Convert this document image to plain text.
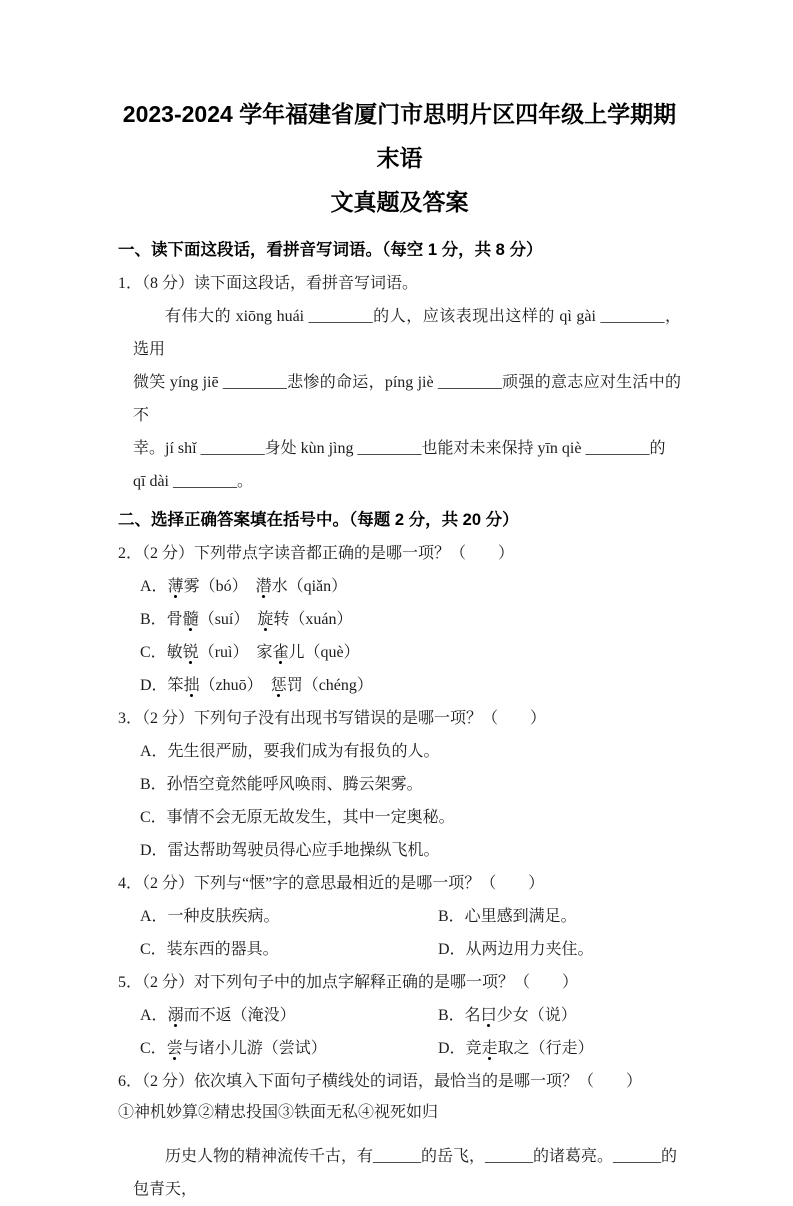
2023-2024 学年福建省厦门市思明片区四年级上学期期末语
文真题及答案
一、读下面这段话，看拼音写词语。（每空 1 分，共 8 分）

1．（8 分）读下面这段话，看拼音写词语。

有伟大的 xiōng huái ________的人，应该表现出这样的 qì gài ________，选用

微笑 yíng jiē ________悲惨的命运，píng jiè ________顽强的意志应对生活中的不

幸。jí shǐ ________身处 kùn jìng ________也能对未来保持 yīn qiè ________的

qī dài ________。

二、选择正确答案填在括号中。（每题 2 分，共 20 分）

2．（2 分）下列带点字读音都正确的是哪一项？（　　）

A．薄雾（bó）　潜水（qiǎn）

B．骨髓（suí）　旋转（xuán）

C．敏锐（ruì）　家雀儿（què）

D．笨拙（zhuō）　惩罚（chéng）

3．（2 分）下列句子没有出现书写错误的是哪一项？（　　）

A．先生很严励，要我们成为有报负的人。

B．孙悟空竟然能呼风唤雨、腾云架雾。

C．事情不会无原无故发生，其中一定奥秘。

D．雷达帮助驾驶员得心应手地操纵飞机。

4．（2 分）下列与“惬”字的意思最相近的是哪一项？（　　）

A．一种皮肤疾病。	B．心里感到满足。

C．装东西的器具。	D．从两边用力夹住。

5．（2 分）对下列句子中的加点字解释正确的是哪一项？（　　）

A．溺而不返（淹没）	B．名曰少女（说）

C．尝与诸小儿游（尝试）	D．竞走取之（行走）

6．（2 分）依次填入下面句子横线处的词语，最恰当的是哪一项？（　　）

①神机妙算②精忠投国③铁面无私④视死如归

历史人物的精神流传千古，有______的岳飞，______的诸葛亮。______的包青天，
